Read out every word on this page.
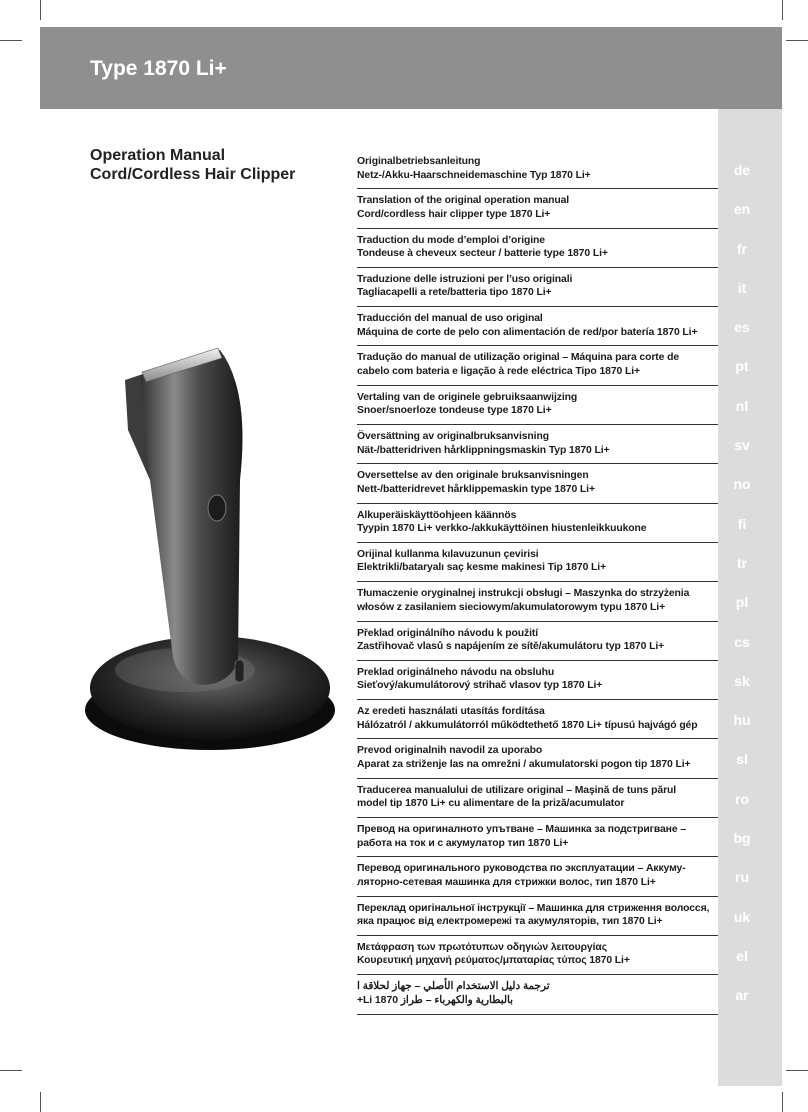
Type 1870 Li+
Operation Manual
Cord/Cordless Hair Clipper
Originalbetriebsanleitung
Netz-/Akku-Haarschneidemaschine Typ 1870 Li+
Translation of the original operation manual
Cord/cordless hair clipper type 1870 Li+
Traduction du mode d’emploi d’origine
Tondeuse à cheveux secteur / batterie type 1870 Li+
Traduzione delle istruzioni per l’uso originali
Tagliacapelli a rete/batteria tipo 1870 Li+
Traducción del manual de uso original
Máquina de corte de pelo con alimentación de red/por batería 1870 Li+
Tradução do manual de utilização original – Máquina para corte de
cabelo com bateria e ligação à rede eléctrica Tipo 1870 Li+
Vertaling van de originele gebruiksaanwijzing
Snoer/snoerloze tondeuse type 1870 Li+
Översättning av originalbruksanvisning
Nät-/batteridriven hårklippningsmaskin Typ 1870 Li+
Oversettelse av den originale bruksanvisningen
Nett-/batteridrevet hårklippemaskin type 1870 Li+
Alkuperäiskäyttöohjeen käännös
Tyypin 1870 Li+ verkko-/akkukäyttöinen hiustenleikkuukone
Orijinal kullanma kılavuzunun çevirisi
Elektrikli/bataryalı saç kesme makinesi Tip 1870 Li+
Tłumaczenie oryginalnej instrukcji obsługi – Maszynka do strzyżenia
włosów z zasilaniem sieciowym/akumulatorowym typu 1870 Li+
Překlad originálního návodu k použití
Zastřihovač vlasů s napájením ze sítě/akumulátoru typ 1870 Li+
Preklad originálneho návodu na obsluhu
Sieťový/akumulátorový strihač vlasov typ 1870 Li+
Az eredeti használati utasítás fordítása
Hálózatról / akkumulátorról működtethető 1870 Li+ típusú hajvágó gép
Prevod originalnih navodil za uporabo
Aparat za striženje las na omrežni / akumulatorski pogon tip 1870 Li+
Traducerea manualului de utilizare original – Maşină de tuns părul
model tip 1870 Li+ cu alimentare de la priză/acumulator
Превод на оригиналното упътване – Машинка за подстригване –
работа на ток и с акумулатор тип 1870 Li+
Перевод оригинального руководства по эксплуатации – Аккуму-
ляторно-сетевая машинка для стрижки волос, тип 1870 Li+
Переклад оригінальної інструкції – Машинка для стриження волосся,
яка працює від електромережі та акумуляторів, тип 1870 Li+
Μετάφραση των πρωτότυπων οδηγιών λειτουργίας
Κουρευτική μηχανή ρεύματος/μπαταρίας τύπος 1870 Li+
ترجمة دليل الاستخدام الأصلي – جهاز لحلاقة ا
بالبطارية والكهرباء – طراز 1870 Li+
de
en
fr
it
es
pt
nl
sv
no
fi
tr
pl
cs
sk
hu
sl
ro
bg
ru
uk
el
ar
